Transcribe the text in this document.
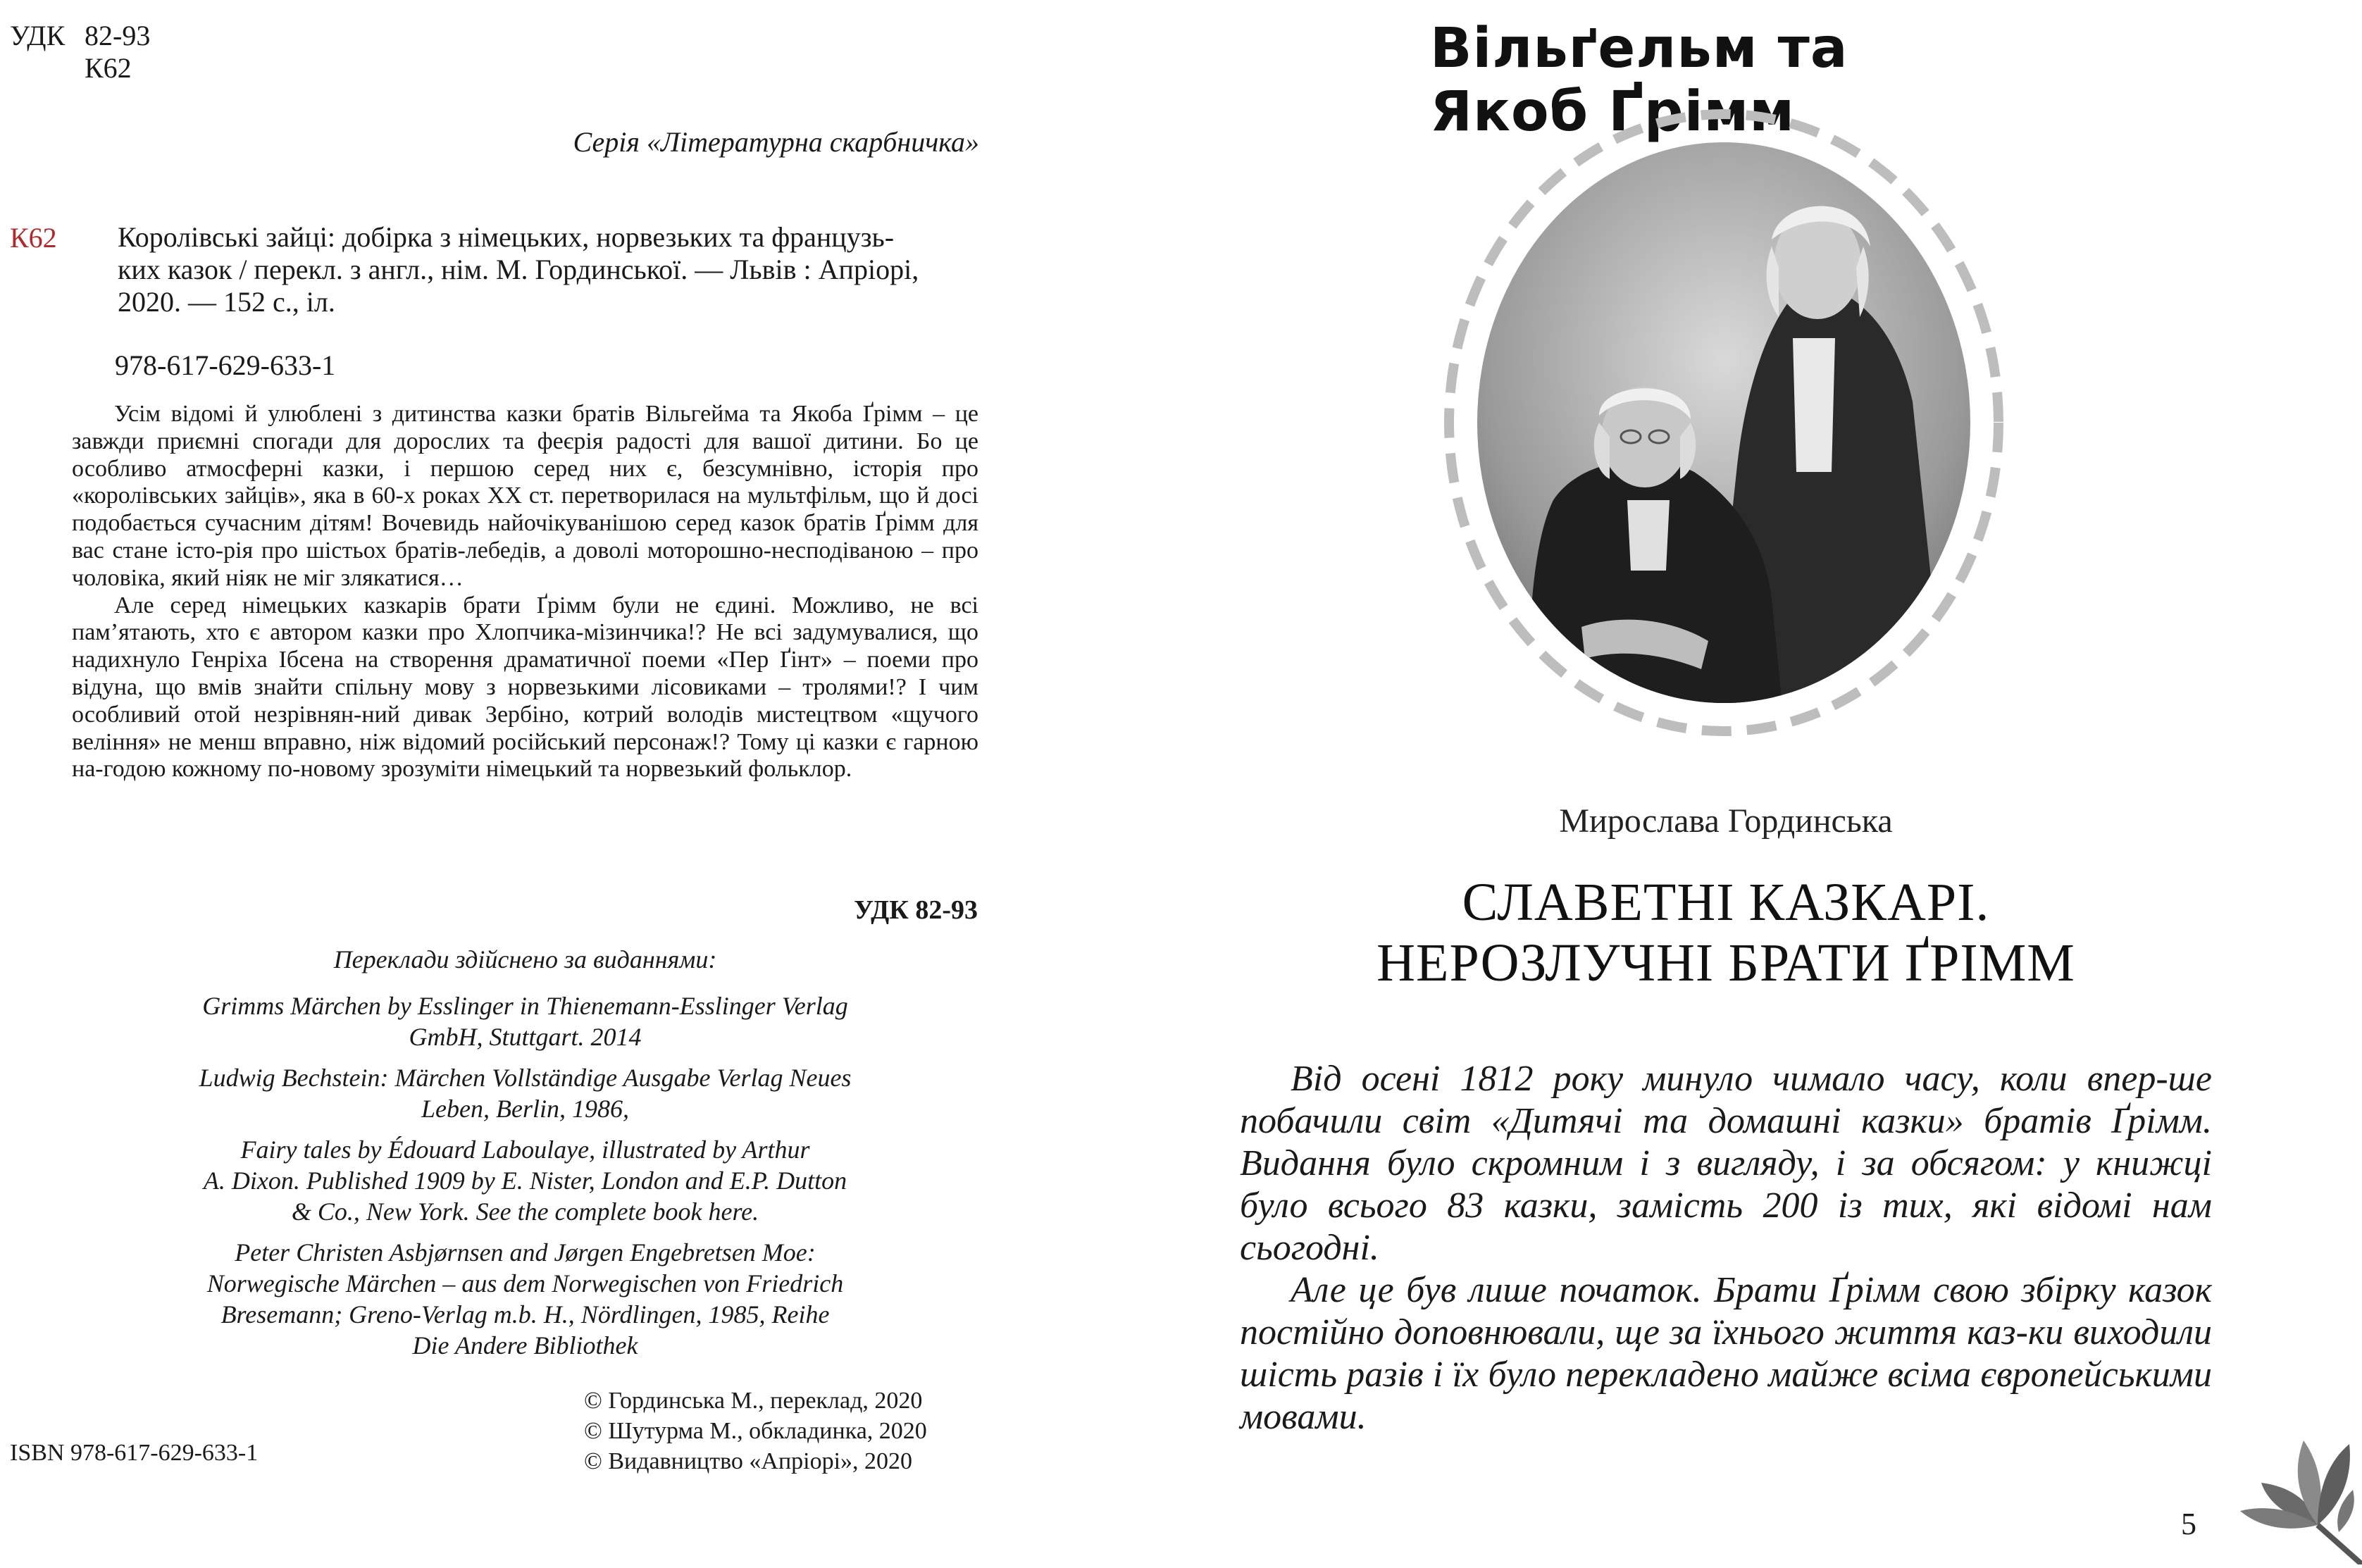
УДК 82-93
К62
Серія «Літературна скарбничка»
К62 Королівські зайці: добірка з німецьких, норвезьких та французь-
ких казок / перекл. з англ., нім. М. Гординської. — Львів : Апріорі,
2020. — 152 с., іл.
978-617-629-633-1

Усім відомі й улюблені з дитинства казки братів Вільгейма та Якоба Ґрімм – це завжди приємні спогади для дорослих та феєрія радості для вашої дитини. Бо це особливо атмосферні казки, і першою серед них є, безсумнівно, історія про «королівських зайців», яка в 60-х роках ХХ ст. перетворилася на мультфільм, що й досі подобається сучасним дітям! Вочевидь найочікуванішою серед казок братів Ґрімм для вас стане істо-рія про шістьох братів-лебедів, а доволі моторошно-несподіваною – про чоловіка, який ніяк не міг злякатися…

Але серед німецьких казкарів брати Ґрімм були не єдині. Можливо, не всі пам’ятають, хто є автором казки про Хлопчика-мізинчика!? Не всі задумувалися, що надихнуло Генріха Ібсена на створення драматичної поеми «Пер Ґінт» – поеми про відуна, що вмів знайти спільну мову з норвезькими лісовиками – тролями!? І чим особливий отой незрівнян-ний дивак Зербіно, котрий володів мистецтвом «щучого веління» не менш вправно, ніж відомий російський персонаж!? Тому ці казки є гарною на-годою кожному по-новому зрозуміти німецький та норвезький фольклор.

УДК 82-93

Переклади здійснено за виданнями:

Grimms Märchen by Esslinger in Thienemann-Esslinger Verlag
GmbH, Stuttgart. 2014

Ludwig Bechstein: Märchen Vollständige Ausgabe Verlag Neues
Leben, Berlin, 1986,

Fairy tales by Édouard Laboulaye, illustrated by Arthur
A. Dixon. Published 1909 by E. Nister, London and E.P. Dutton
& Co., New York. See the complete book here.

Peter Christen Asbjørnsen and Jørgen Engebretsen Moe:
Norwegische Märchen – aus dem Norwegischen von Friedrich
Bresemann; Greno-Verlag m.b. H., Nördlingen, 1985, Reihe
Die Andere Bibliothek

© Гординська М., переклад, 2020
© Шутурма М., обкладинка, 2020
© Видавництво «Апріорі», 2020
ISBN 978-617-629-633-1
Вільґельм та Якоб Ґрімм
Мирослава Гординська
СЛАВЕТНІ КАЗКАРІ.
НЕРОЗЛУЧНІ БРАТИ ҐРІММ

Від осені 1812 року минуло чимало часу, коли впер-ше побачили світ «Дитячі та домашні казки» братів Ґрімм. Видання було скромним і з вигляду, і за обсягом: у книжці було всього 83 казки, замість 200 із тих, які відомі нам сьогодні.

Але це був лише початок. Брати Ґрімм свою збірку казок постійно доповнювали, ще за їхнього життя каз-ки виходили шість разів і їх було перекладено майже всіма європейськими мовами.

5
